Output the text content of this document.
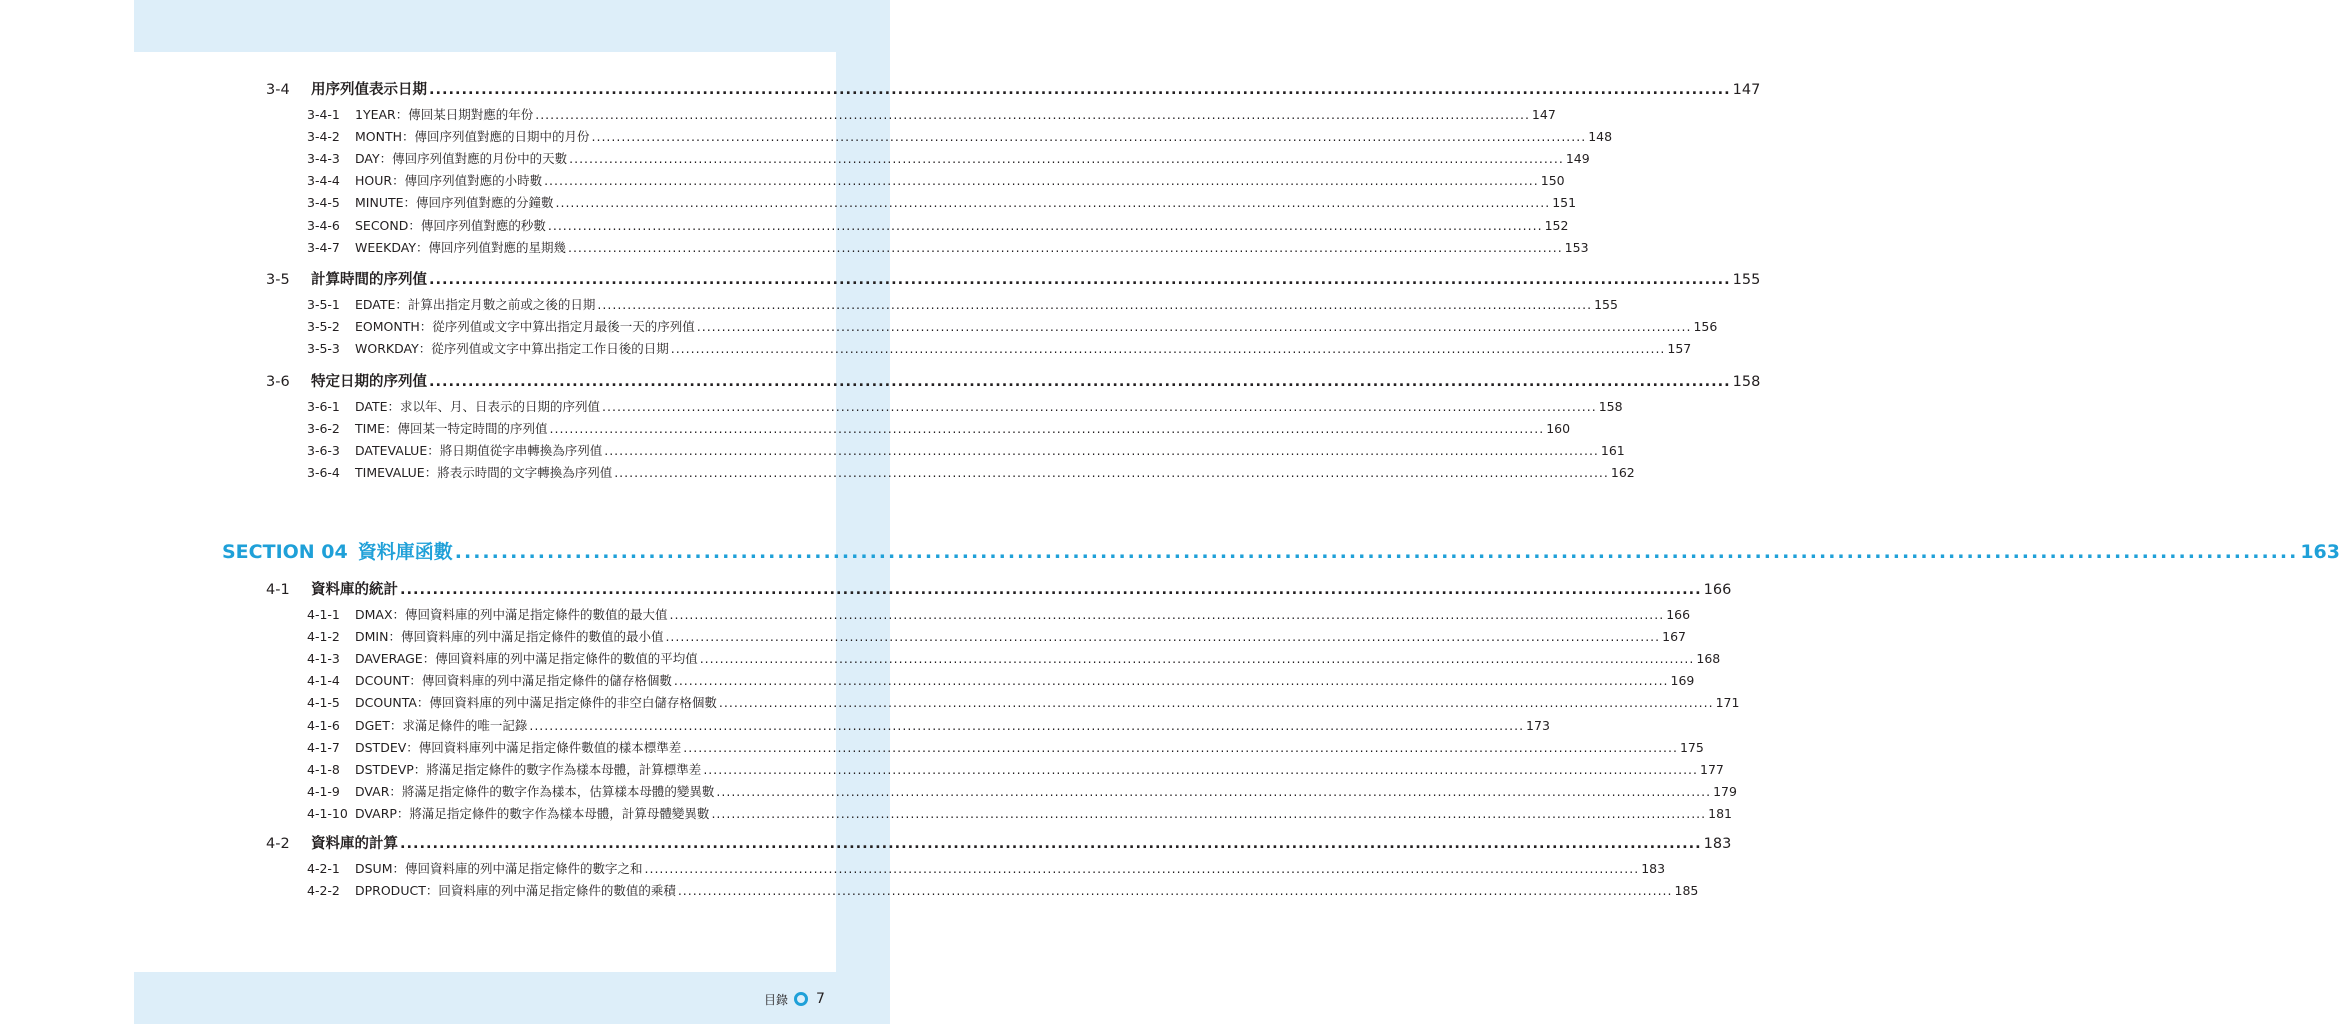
3-4	用序列值表示日期 ........................................................................................................................................................................................................ 147
3-4-1	1YEAR：傳回某日期對應的年份 ........................................................................................................................................................................................................ 147
3-4-2	MONTH：傳回序列值對應的日期中的月份 ........................................................................................................................................................................................................ 148
3-4-3	DAY：傳回序列值對應的月份中的天數 ........................................................................................................................................................................................................ 149
3-4-4	HOUR：傳回序列值對應的小時數 ........................................................................................................................................................................................................ 150
3-4-5	MINUTE：傳回序列值對應的分鐘數 ........................................................................................................................................................................................................ 151
3-4-6	SECOND：傳回序列值對應的秒數 ........................................................................................................................................................................................................ 152
3-4-7	WEEKDAY：傳回序列值對應的星期幾 ........................................................................................................................................................................................................ 153
3-5	計算時間的序列值 ........................................................................................................................................................................................................ 155
3-5-1	EDATE：計算出指定月數之前或之後的日期 ........................................................................................................................................................................................................ 155
3-5-2	EOMONTH：從序列值或文字中算出指定月最後一天的序列值 ........................................................................................................................................................................................................ 156
3-5-3	WORKDAY：從序列值或文字中算出指定工作日後的日期 ........................................................................................................................................................................................................ 157
3-6	特定日期的序列值 ........................................................................................................................................................................................................ 158
3-6-1	DATE：求以年、月、日表示的日期的序列值 ........................................................................................................................................................................................................ 158
3-6-2	TIME：傳回某一特定時間的序列值 ........................................................................................................................................................................................................ 160
3-6-3	DATEVALUE：將日期值從字串轉換為序列值 ........................................................................................................................................................................................................ 161
3-6-4	TIMEVALUE：將表示時間的文字轉換為序列值 ........................................................................................................................................................................................................ 162
SECTION 04 資料庫函數 ........................................................................................................................................................................................................ 163
4-1	資料庫的統計 ........................................................................................................................................................................................................ 166
4-1-1	DMAX：傳回資料庫的列中滿足指定條件的數值的最大值 ........................................................................................................................................................................................................ 166
4-1-2	DMIN：傳回資料庫的列中滿足指定條件的數值的最小值 ........................................................................................................................................................................................................ 167
4-1-3	DAVERAGE：傳回資料庫的列中滿足指定條件的數值的平均值 ........................................................................................................................................................................................................ 168
4-1-4	DCOUNT：傳回資料庫的列中滿足指定條件的儲存格個數 ........................................................................................................................................................................................................ 169
4-1-5	DCOUNTA：傳回資料庫的列中滿足指定條件的非空白儲存格個數 ........................................................................................................................................................................................................ 171
4-1-6	DGET：求滿足條件的唯一記錄 ........................................................................................................................................................................................................ 173
4-1-7	DSTDEV：傳回資料庫列中滿足指定條件數值的樣本標準差 ........................................................................................................................................................................................................ 175
4-1-8	DSTDEVP：將滿足指定條件的數字作為樣本母體，計算標準差 ........................................................................................................................................................................................................ 177
4-1-9	DVAR：將滿足指定條件的數字作為樣本，估算樣本母體的變異數 ........................................................................................................................................................................................................ 179
4-1-10 DVARP：將滿足指定條件的數字作為樣本母體，計算母體變異數 ........................................................................................................................................................................................................ 181
4-2	資料庫的計算 ........................................................................................................................................................................................................ 183
4-2-1	DSUM：傳回資料庫的列中滿足指定條件的數字之和 ........................................................................................................................................................................................................ 183
4-2-2	DPRODUCT：回資料庫的列中滿足指定條件的數值的乘積 ........................................................................................................................................................................................................ 185
目錄 7
